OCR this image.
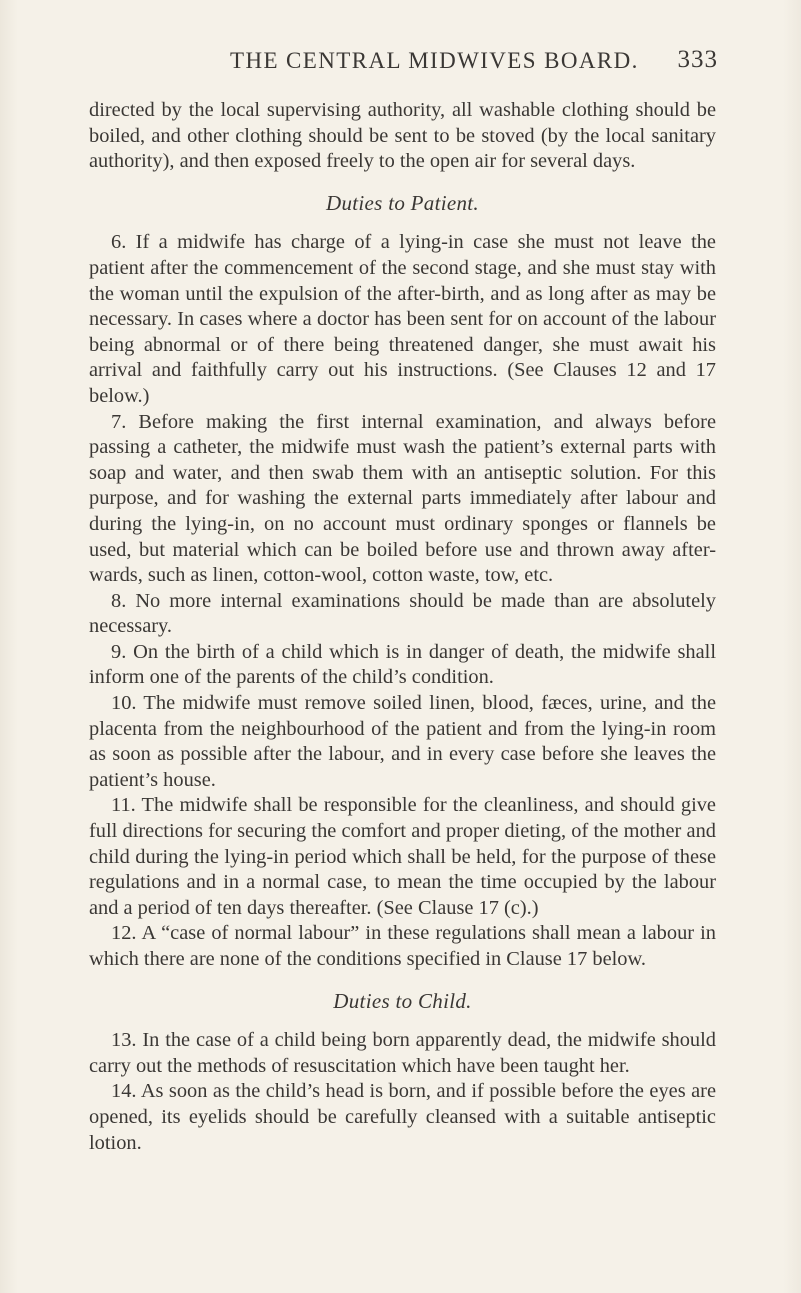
THE CENTRAL MIDWIVES BOARD. 333

directed by the local supervising authority, all washable clothing should be boiled, and other clothing should be sent to be stoved (by the local sanitary authority), and then exposed freely to the open air for several days.

Duties to Patient.

6. If a midwife has charge of a lying-in case she must not leave the patient after the commencement of the second stage, and she must stay with the woman until the expulsion of the after-birth, and as long after as may be necessary. In cases where a doctor has been sent for on account of the labour being abnormal or of there being threatened danger, she must await his arrival and faithfully carry out his instructions. (See Clauses 12 and 17 below.)

7. Before making the first internal examination, and always before passing a catheter, the midwife must wash the patient’s external parts with soap and water, and then swab them with an antiseptic solution. For this purpose, and for washing the external parts immediately after labour and during the lying-in, on no account must ordinary sponges or flannels be used, but material which can be boiled before use and thrown away after-wards, such as linen, cotton-wool, cotton waste, tow, etc.

8. No more internal examinations should be made than are absolutely necessary.

9. On the birth of a child which is in danger of death, the midwife shall inform one of the parents of the child’s condition.

10. The midwife must remove soiled linen, blood, fæces, urine, and the placenta from the neighbourhood of the patient and from the lying-in room as soon as possible after the labour, and in every case before she leaves the patient’s house.

11. The midwife shall be responsible for the cleanliness, and should give full directions for securing the comfort and proper dieting, of the mother and child during the lying-in period which shall be held, for the purpose of these regulations and in a normal case, to mean the time occupied by the labour and a period of ten days thereafter. (See Clause 17 (c).)

12. A “case of normal labour” in these regulations shall mean a labour in which there are none of the conditions specified in Clause 17 below.

Duties to Child.

13. In the case of a child being born apparently dead, the midwife should carry out the methods of resuscitation which have been taught her.

14. As soon as the child’s head is born, and if possible before the eyes are opened, its eyelids should be carefully cleansed with a suitable antiseptic lotion.
